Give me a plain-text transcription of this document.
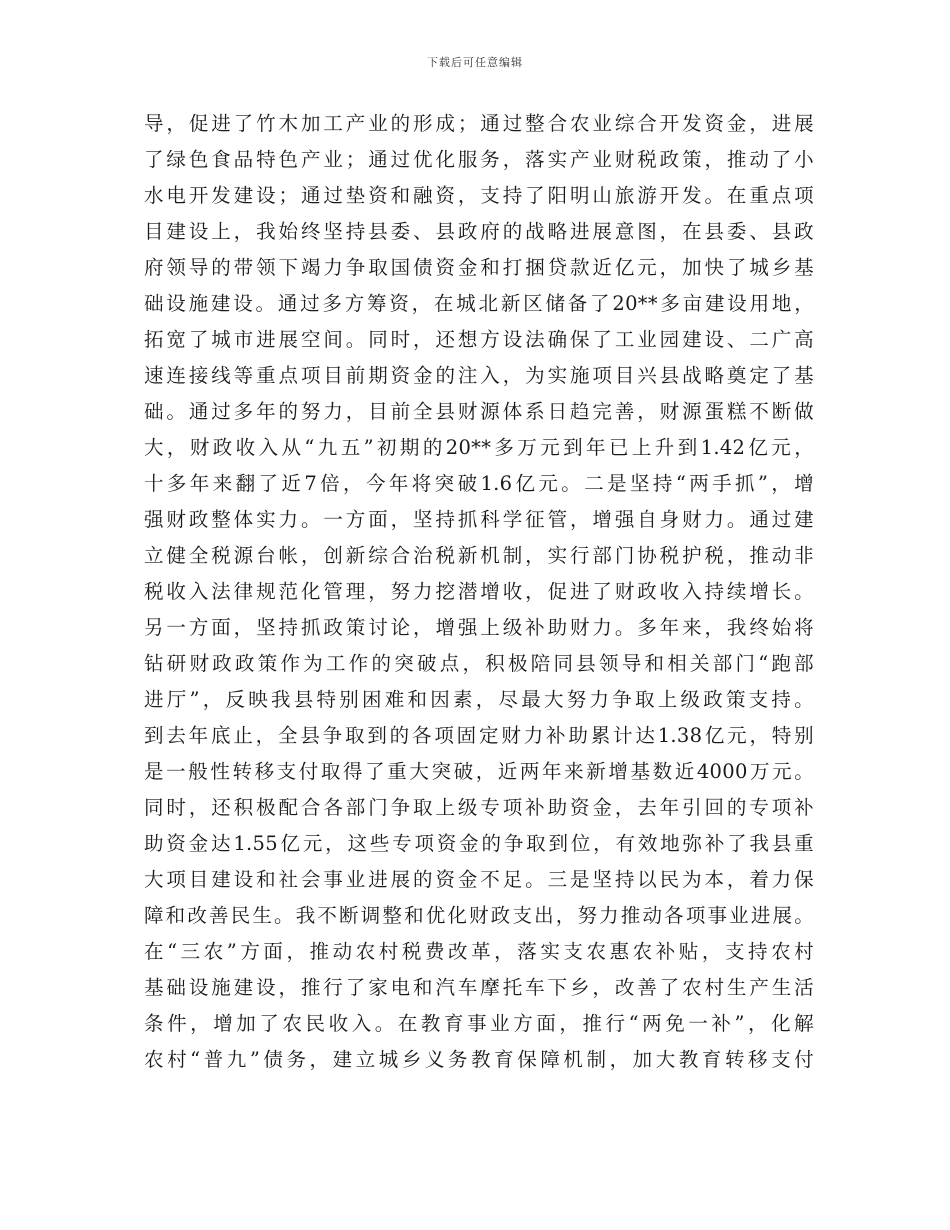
下载后可任意编辑
导，促进了竹木加工产业的形成；通过整合农业综合开发资金，进展
了绿色食品特色产业；通过优化服务，落实产业财税政策，推动了小
水电开发建设；通过垫资和融资，支持了阳明山旅游开发。在重点项
目建设上，我始终坚持县委、县政府的战略进展意图，在县委、县政
府领导的带领下竭力争取国债资金和打捆贷款近亿元，加快了城乡基
础设施建设。通过多方筹资，在城北新区储备了20**多亩建设用地，
拓宽了城市进展空间。同时，还想方设法确保了工业园建设、二广高
速连接线等重点项目前期资金的注入，为实施项目兴县战略奠定了基
础。通过多年的努力，目前全县财源体系日趋完善，财源蛋糕不断做
大，财政收入从“九五”初期的20**多万元到年已上升到1.42亿元，
十多年来翻了近7倍，今年将突破1.6亿元。二是坚持“两手抓”，增
强财政整体实力。一方面，坚持抓科学征管，增强自身财力。通过建
立健全税源台帐，创新综合治税新机制，实行部门协税护税，推动非
税收入法律规范化管理，努力挖潜增收，促进了财政收入持续增长。
另一方面，坚持抓政策讨论，增强上级补助财力。多年来，我终始将
钻研财政政策作为工作的突破点，积极陪同县领导和相关部门“跑部
进厅”，反映我县特别困难和因素，尽最大努力争取上级政策支持。
到去年底止，全县争取到的各项固定财力补助累计达1.38亿元，特别
是一般性转移支付取得了重大突破，近两年来新增基数近4000万元。
同时，还积极配合各部门争取上级专项补助资金，去年引回的专项补
助资金达1.55亿元，这些专项资金的争取到位，有效地弥补了我县重
大项目建设和社会事业进展的资金不足。三是坚持以民为本，着力保
障和改善民生。我不断调整和优化财政支出，努力推动各项事业进展。
在“三农”方面，推动农村税费改革，落实支农惠农补贴，支持农村
基础设施建设，推行了家电和汽车摩托车下乡，改善了农村生产生活
条件，增加了农民收入。在教育事业方面，推行“两免一补”，化解
农村“普九”债务，建立城乡义务教育保障机制，加大教育转移支付
